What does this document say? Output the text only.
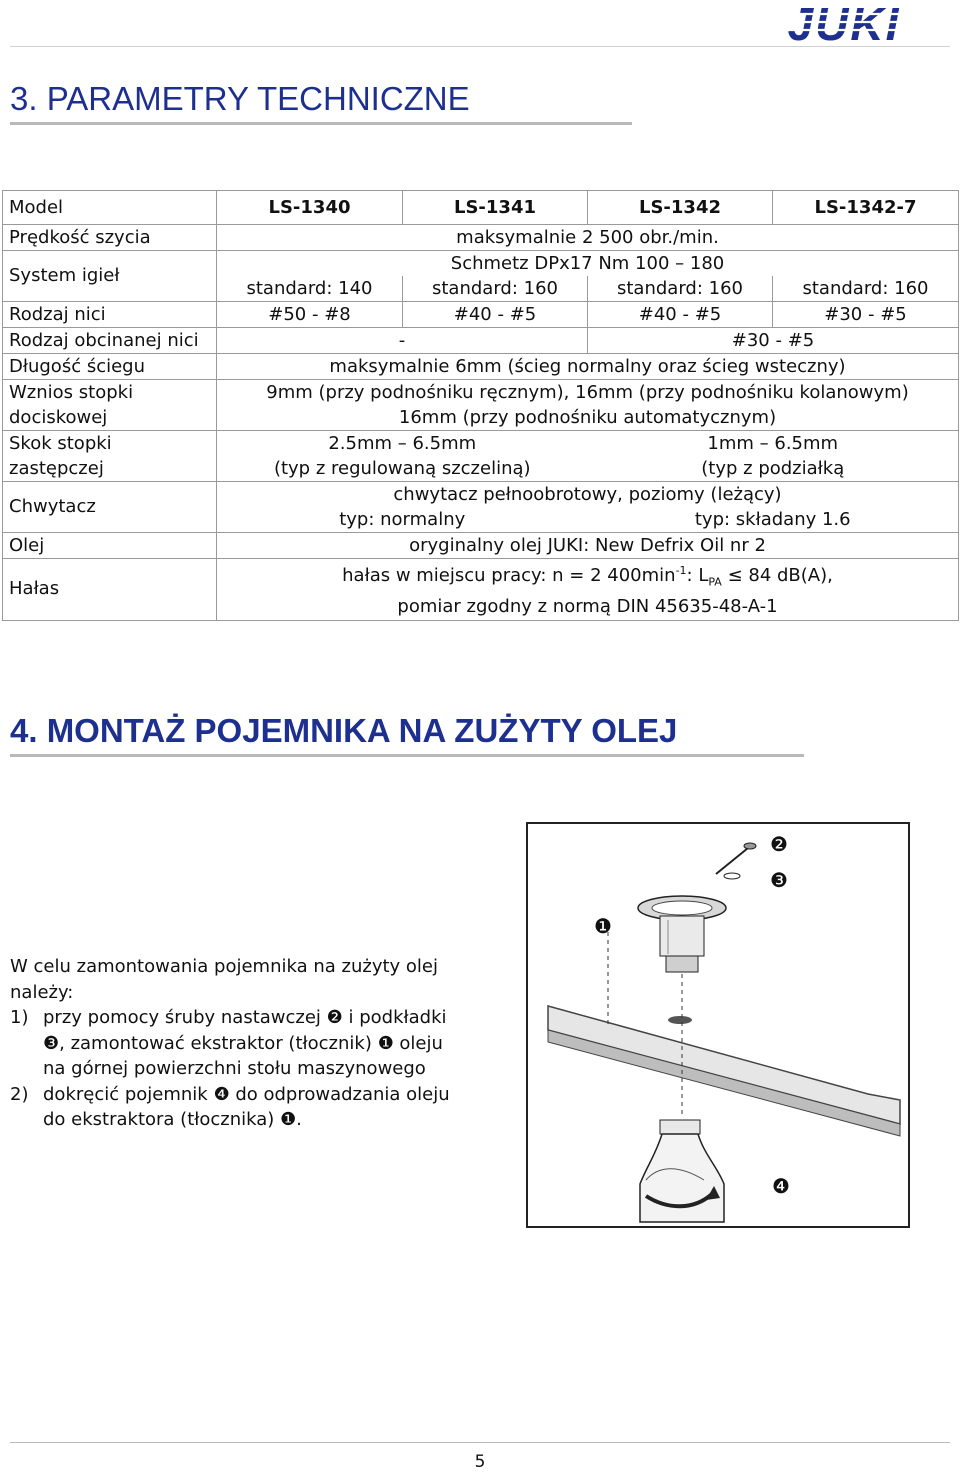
JUKI
3. PARAMETRY TECHNICZNE
Model	LS-1340	LS-1341	LS-1342	LS-1342-7
Prędkość szycia	maksymalnie 2 500 obr./min.			
System igieł	Schmetz DPx17 Nm 100 – 180			
	standard: 140	standard: 160	standard: 160	standard: 160
Rodzaj nici	#50 - #8	#40 - #5	#40 - #5	#30 - #5
Rodzaj obcinanej nici	-		#30 - #5	
Długość ściegu	maksymalnie 6mm (ścieg normalny oraz ścieg wsteczny)			
Wznios stopki	9mm (przy podnośniku ręcznym), 16mm (przy podnośniku kolanowym)			
dociskowej	16mm (przy podnośniku automatycznym)			
Skok stopki	2.5mm – 6.5mm		1mm – 6.5mm	
zastępczej	(typ z regulowaną szczeliną)		(typ z podziałką	
Chwytacz	chwytacz pełnoobrotowy, poziomy (leżący)			
	typ: normalny		typ: składany 1.6	
Olej	oryginalny olej JUKI: New Defrix Oil nr 2			
Hałas	hałas w miejscu pracy: n = 2 $400\min^{-1}$: $L_{PA} \le 84$ dB(A),			
	pomiar zgodny z normą DIN 45635-48-A-1			
4. MONTAŻ POJEMNIKA NA ZUŻYTY OLEJ
❶
❷
❸
❹

W celu zamontowania pojemnika na zużyty olej należy:

1) przy pomocy śruby nastawczej ❷ i podkładki ❸, zamontować ekstraktor (tłocznik) ❶ oleju na górnej powierzchni stołu maszynowego
2) dokręcić pojemnik ❹ do odprowadzania oleju do ekstraktora (tłocznika) ❶.
5
